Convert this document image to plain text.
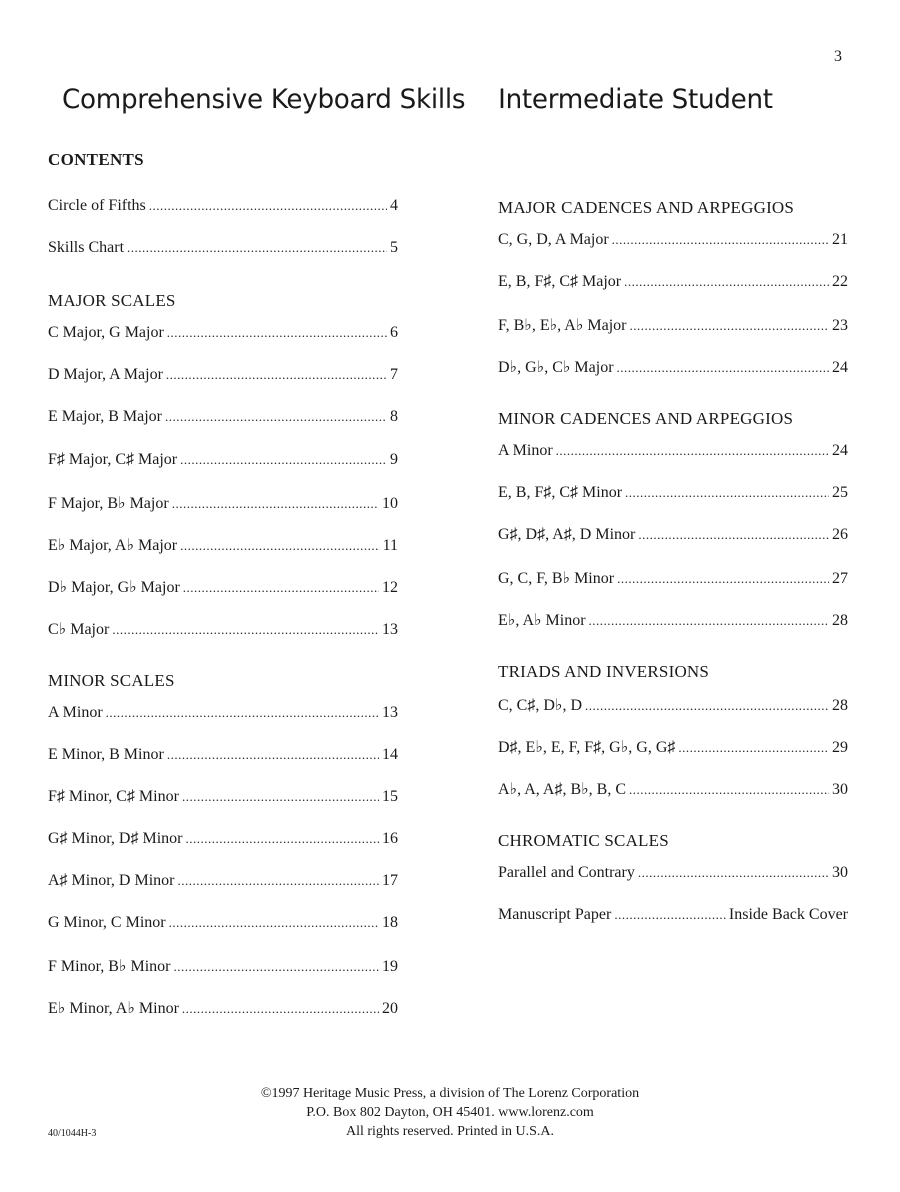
3
Comprehensive Keyboard Skills Intermediate Student
CONTENTS
Circle of Fifths .....	4
Skills Chart .....	5
MAJOR SCALES
C Major, G Major .....	6
D Major, A Major .....	7
E Major, B Major .....	8
F♯ Major, C♯ Major .....	9
F Major, B♭ Major .....	10
E♭ Major, A♭ Major .....	11
D♭ Major, G♭ Major .....	12
C♭ Major .....	13
MINOR SCALES
A Minor .....	13
E Minor, B Minor .....	14
F♯ Minor, C♯ Minor .....	15
G♯ Minor, D♯ Minor .....	16
A♯ Minor, D Minor .....	17
G Minor, C Minor .....	18
F Minor, B♭ Minor .....	19
E♭ Minor, A♭ Minor .....	20
MAJOR CADENCES AND ARPEGGIOS
C, G, D, A Major .....	21
E, B, F♯, C♯ Major .....	22
F, B♭, E♭, A♭ Major .....	23
D♭, G♭, C♭ Major .....	24
MINOR CADENCES AND ARPEGGIOS
A Minor .....	24
E, B, F♯, C♯ Minor .....	25
G♯, D♯, A♯, D Minor .....	26
G, C, F, B♭ Minor .....	27
E♭, A♭ Minor .....	28
TRIADS AND INVERSIONS
C, C♯, D♭, D .....	28
D♯, E♭, E, F, F♯, G♭, G, G♯ .....	29
A♭, A, A♯, B♭, B, C .....	30
CHROMATIC SCALES
Parallel and Contrary .....	30
Manuscript Paper .....	Inside Back Cover
©1997 Heritage Music Press, a division of The Lorenz Corporation
P.O. Box 802 Dayton, OH 45401. www.lorenz.com
All rights reserved. Printed in U.S.A.
40/1044H-3
